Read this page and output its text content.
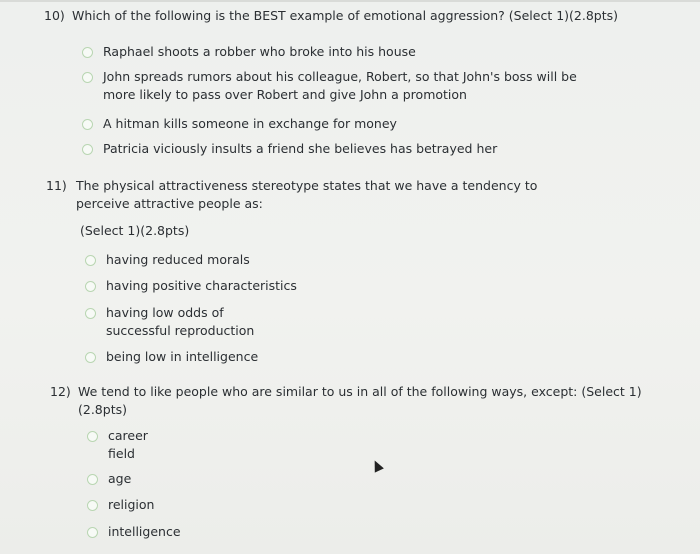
10) Which of the following is the BEST example of emotional aggression? (Select 1)(2.8pts)
Raphael shoots a robber who broke into his house
John spreads rumors about his colleague, Robert, so that John's boss will be more likely to pass over Robert and give John a promotion
A hitman kills someone in exchange for money
Patricia viciously insults a friend she believes has betrayed her
11) The physical attractiveness stereotype states that we have a tendency to perceive attractive people as:
(Select 1)(2.8pts)
having reduced morals
having positive characteristics
having low odds of successful reproduction
being low in intelligence
12) We tend to like people who are similar to us in all of the following ways, except: (Select 1)(2.8pts)
career field
age
religion
intelligence
